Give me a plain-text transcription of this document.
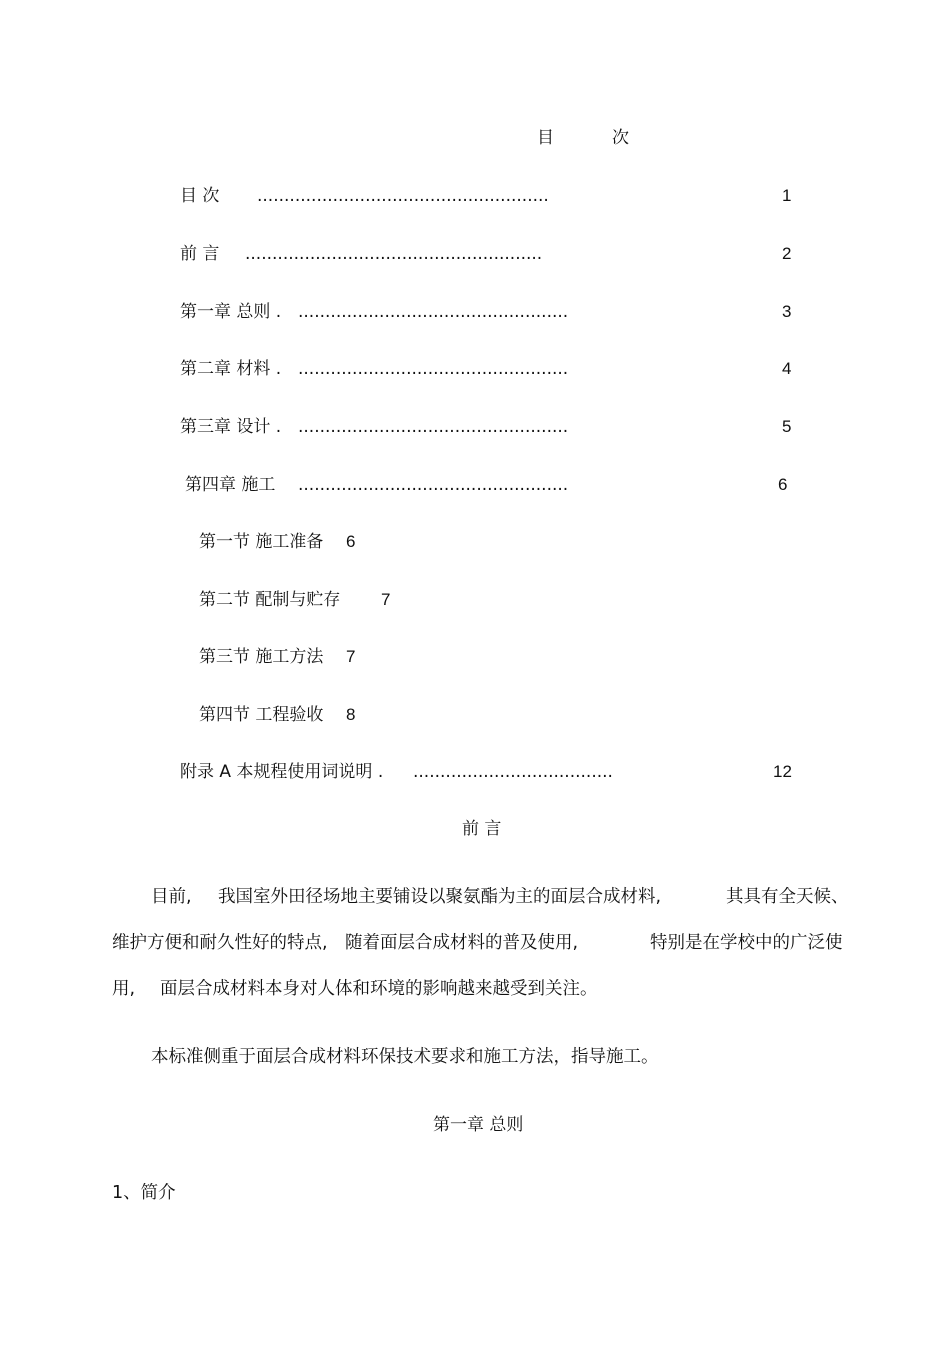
目	次
目 次 ......................................................	1
前 言 .......................................................	2
第一章 总则 . ..................................................	3
第二章 材料 . ..................................................	4
第三章 设计 . ..................................................	5
第四章 施工 ..................................................	6
第一节 施工准备 6
第二节 配制与贮存 7
第三节 施工方法 7
第四节 工程验收 8
附录 A 本规程使用词说明 . .....................................	12
前 言
目前, 我国室外田径场地主要铺设以聚氨酯为主的面层合成材料,	其具有全天候、
维护方便和耐久性好的特点, 随着面层合成材料的普及使用,	特别是在学校中的广泛使
用, 面层合成材料本身对人体和环境的影响越来越受到关注。
本标准侧重于面层合成材料环保技术要求和施工方法，指导施工。
第一章 总则
1、简介
